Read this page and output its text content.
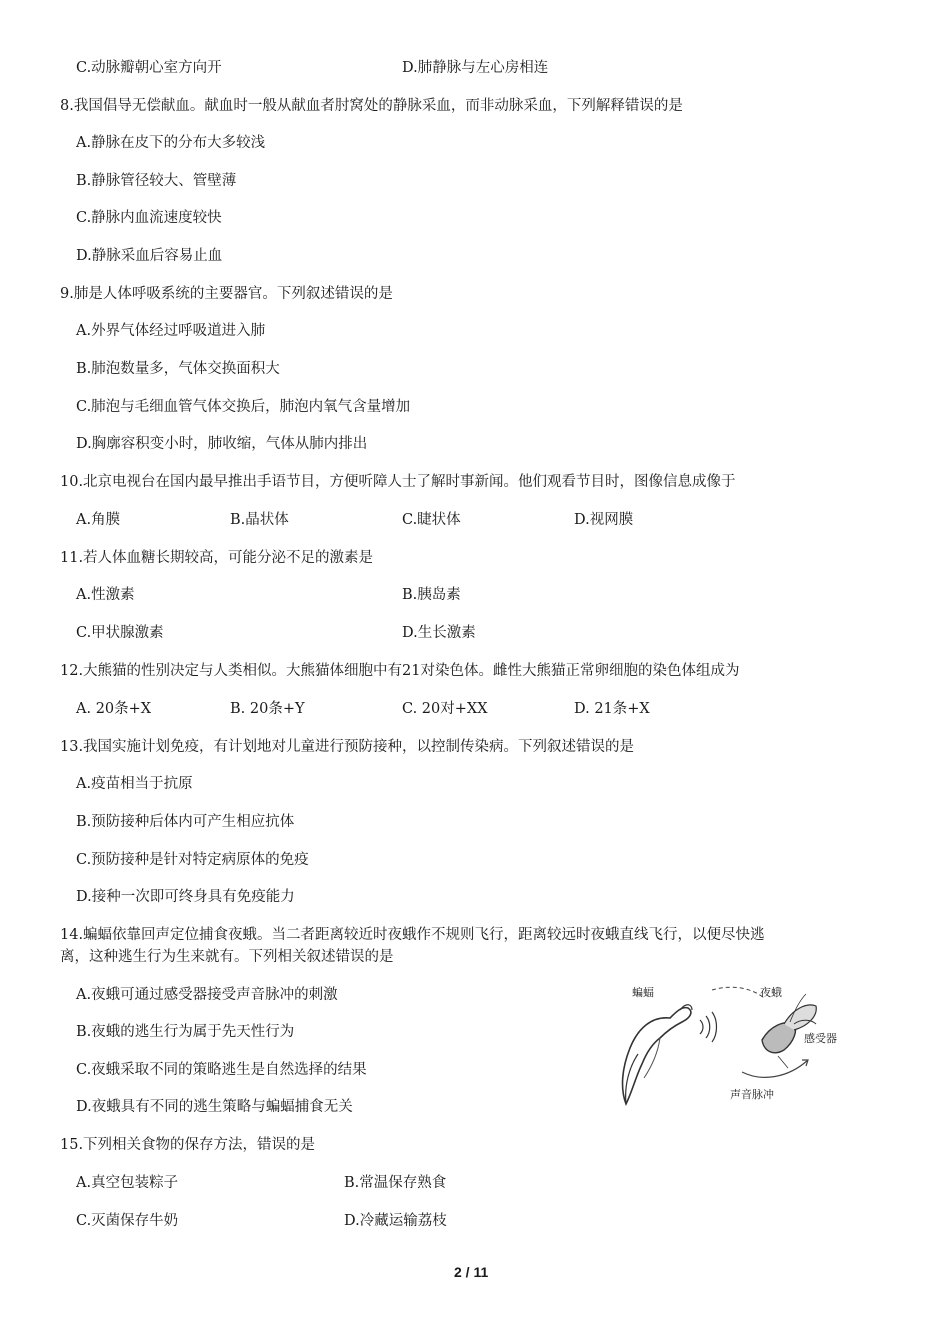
C.动脉瓣朝心室方向开	D.肺静脉与左心房相连
8.我国倡导无偿献血。献血时一般从献血者肘窝处的静脉采血，而非动脉采血，下列解释错误的是
A.静脉在皮下的分布大多较浅
B.静脉管径较大、管壁薄
C.静脉内血流速度较快
D.静脉采血后容易止血
9.肺是人体呼吸系统的主要器官。下列叙述错误的是
A.外界气体经过呼吸道进入肺
B.肺泡数量多，气体交换面积大
C.肺泡与毛细血管气体交换后，肺泡内氧气含量增加
D.胸廓容积变小时，肺收缩，气体从肺内排出
10.北京电视台在国内最早推出手语节目，方便听障人士了解时事新闻。他们观看节目时，图像信息成像于
A.角膜	B.晶状体	C.睫状体	D.视网膜
11.若人体血糖长期较高，可能分泌不足的激素是
A.性激素	B.胰岛素
C.甲状腺激素	D.生长激素
12.大熊猫的性别决定与人类相似。大熊猫体细胞中有21对染色体。雌性大熊猫正常卵细胞的染色体组成为
A. 20条+X	B. 20条+Y	C. 20对+XX	D. 21条+X
13.我国实施计划免疫，有计划地对儿童进行预防接种，以控制传染病。下列叙述错误的是
A.疫苗相当于抗原
B.预防接种后体内可产生相应抗体
C.预防接种是针对特定病原体的免疫
D.接种一次即可终身具有免疫能力
14.蝙蝠依靠回声定位捕食夜蛾。当二者距离较近时夜蛾作不规则飞行，距离较远时夜蛾直线飞行，以便尽快逃
离，这种逃生行为生来就有。下列相关叙述错误的是
A.夜蛾可通过感受器接受声音脉冲的刺激
B.夜蛾的逃生行为属于先天性行为
C.夜蛾采取不同的策略逃生是自然选择的结果
D.夜蛾具有不同的逃生策略与蝙蝠捕食无关
蝙蝠	夜蛾
感受器
声音脉冲
15.下列相关食物的保存方法，错误的是
A.真空包装粽子	B.常温保存熟食
C.灭菌保存牛奶	D.冷藏运输荔枝
2 / 11
